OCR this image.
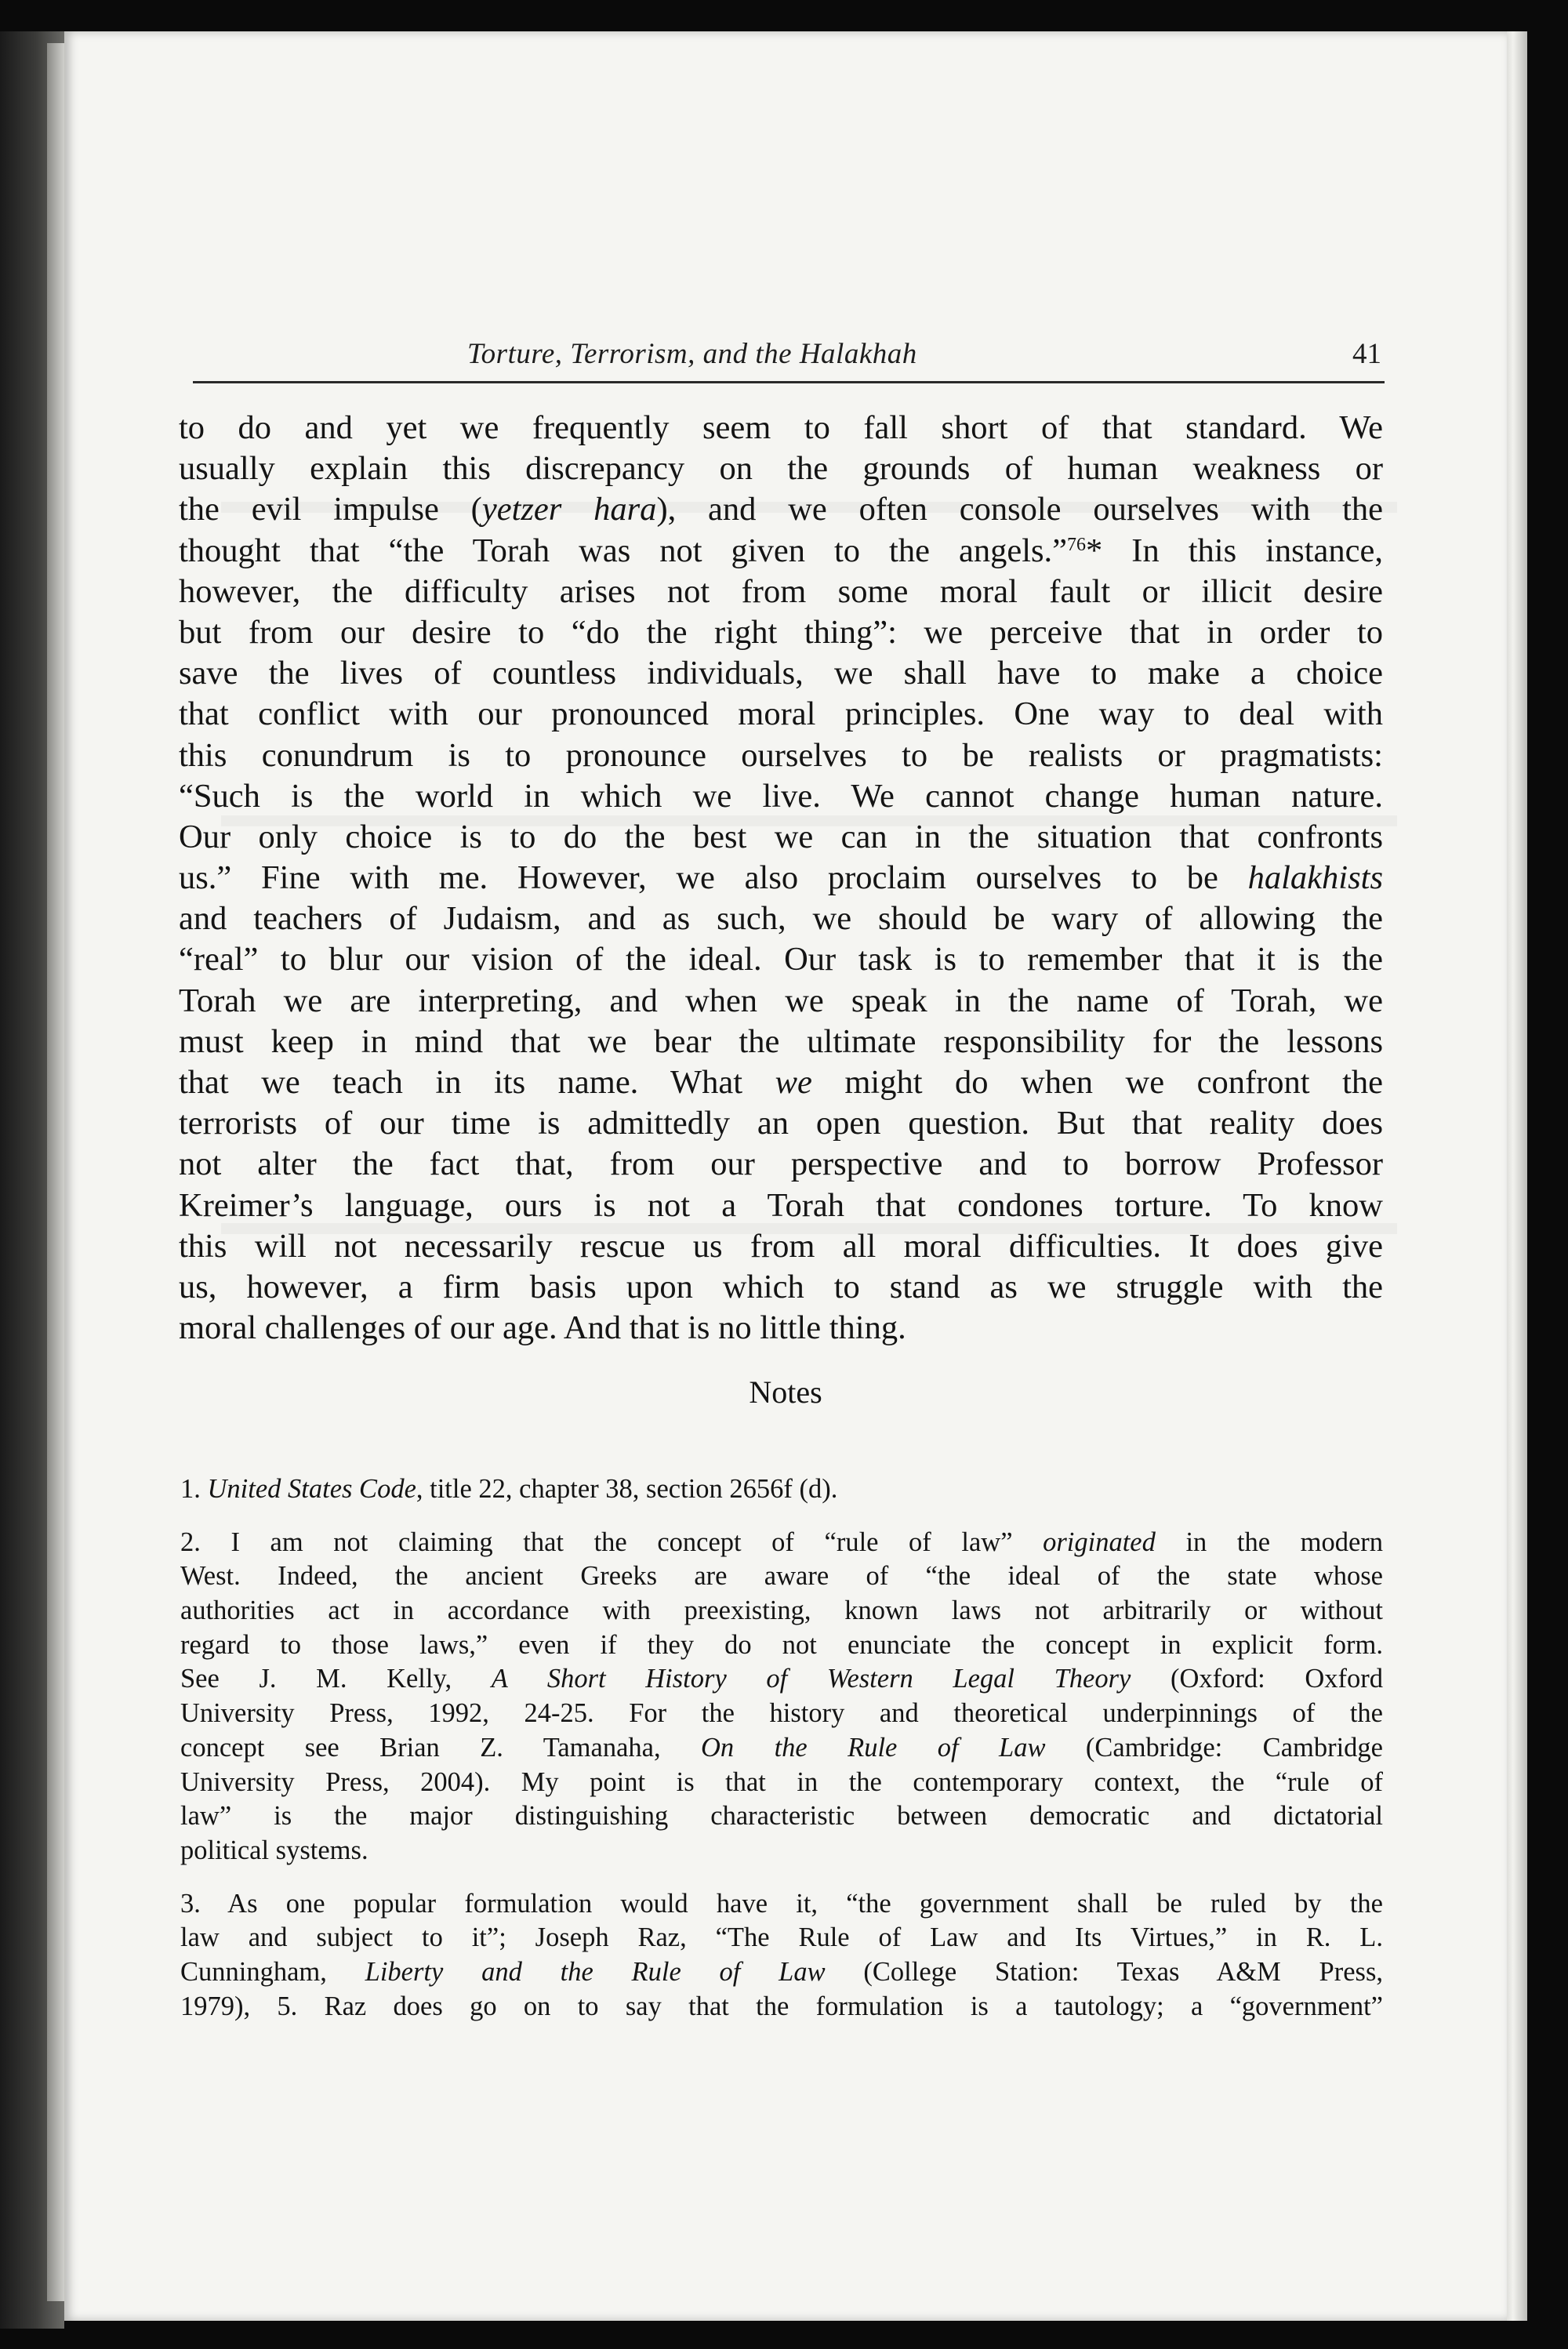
Torture, Terrorism, and the Halakhah	41
to do and yet we frequently seem to fall short of that standard. We
usually explain this discrepancy on the grounds of human weakness or
the evil impulse (yetzer hara), and we often console ourselves with the
thought that “the Torah was not given to the angels.”$^{76}$* In this instance,
however, the difficulty arises not from some moral fault or illicit desire
but from our desire to “do the right thing”: we perceive that in order to
save the lives of countless individuals, we shall have to make a choice
that conflict with our pronounced moral principles. One way to deal with
this conundrum is to pronounce ourselves to be realists or pragmatists:
“Such is the world in which we live. We cannot change human nature.
Our only choice is to do the best we can in the situation that confronts
us.” Fine with me. However, we also proclaim ourselves to be halakhists
and teachers of Judaism, and as such, we should be wary of allowing the
“real” to blur our vision of the ideal. Our task is to remember that it is the
Torah we are interpreting, and when we speak in the name of Torah, we
must keep in mind that we bear the ultimate responsibility for the lessons
that we teach in its name. What we might do when we confront the
terrorists of our time is admittedly an open question. But that reality does
not alter the fact that, from our perspective and to borrow Professor
Kreimer’s language, ours is not a Torah that condones torture. To know
this will not necessarily rescue us from all moral difficulties. It does give
us, however, a firm basis upon which to stand as we struggle with the
moral challenges of our age. And that is no little thing.
Notes
1. United States Code, title 22, chapter 38, section 2656f (d).
2. I am not claiming that the concept of “rule of law” originated in the modern
West. Indeed, the ancient Greeks are aware of “the ideal of the state whose
authorities act in accordance with preexisting, known laws not arbitrarily or without
regard to those laws,” even if they do not enunciate the concept in explicit form.
See J. M. Kelly, A Short History of Western Legal Theory (Oxford: Oxford
University Press, 1992, 24-25. For the history and theoretical underpinnings of the
concept see Brian Z. Tamanaha, On the Rule of Law (Cambridge: Cambridge
University Press, 2004). My point is that in the contemporary context, the “rule of
law” is the major distinguishing characteristic between democratic and dictatorial
political systems.
3. As one popular formulation would have it, “the government shall be ruled by the
law and subject to it”; Joseph Raz, “The Rule of Law and Its Virtues,” in R. L.
Cunningham, Liberty and the Rule of Law (College Station: Texas A&M Press,
1979), 5. Raz does go on to say that the formulation is a tautology; a “government”
